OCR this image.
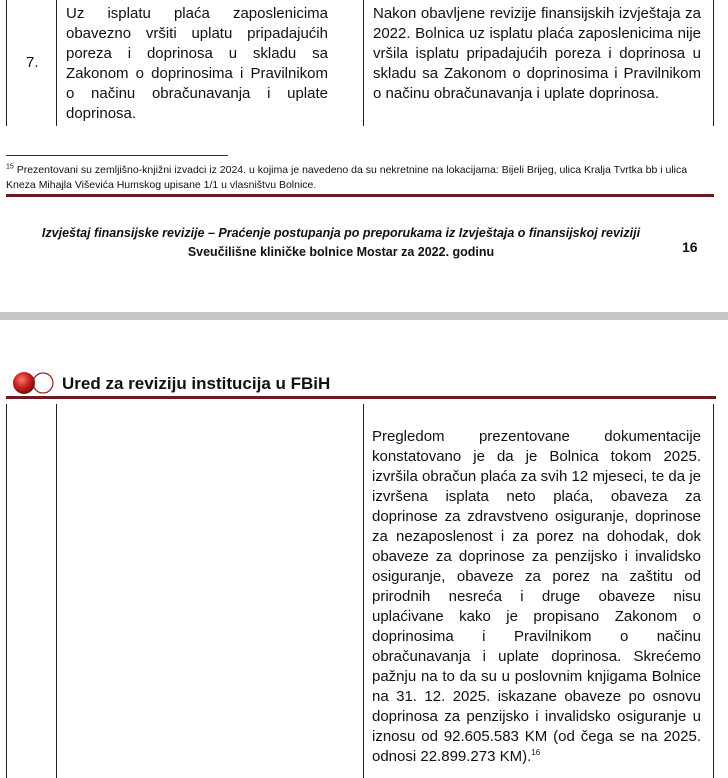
7.
Uz isplatu plaća zaposlenicima obavezno vršiti uplatu pripadajućih poreza i doprinosa u skladu sa Zakonom o doprinosima i Pravilnikom o načinu obračunavanja i uplate doprinosa.
Nakon obavljene revizije finansijskih izvještaja za 2022. Bolnica uz isplatu plaća zaposlenicima nije vršila isplatu pripadajućih poreza i doprinosa u skladu sa Zakonom o doprinosima i Pravilnikom o načinu obračunavanja i uplate doprinosa.
$^{15}$ Prezentovani su zemljišno-knjižni izvadci iz 2024. u kojima je navedeno da su nekretnine na lokacijama: Bijeli Brijeg, ulica Kralja Tvrtka bb i ulica Kneza Mihajla Viševića Humskog upisane 1/1 u vlasništvu Bolnice.
Izvještaj finansijske revizije – Praćenje postupanja po preporukama iz Izvještaja o finansijskoj reviziji
Sveučilišne kliničke bolnice Mostar za 2022. godinu	16
Ured za reviziju institucija u FBiH
Pregledom prezentovane dokumentacije konstatovano je da je Bolnica tokom 2025. izvršila obračun plaća za svih 12 mjeseci, te da je izvršena isplata neto plaća, obaveza za doprinose za zdravstveno osiguranje, doprinose za nezaposlenost i za porez na dohodak, dok obaveze za doprinose za penzijsko i invalidsko osiguranje, obaveze za porez na zaštitu od prirodnih nesreća i druge obaveze nisu uplaćivane kako je propisano Zakonom o doprinosima i Pravilnikom o načinu obračunavanja i uplate doprinosa. Skrećemo pažnju na to da su u poslovnim knjigama Bolnice na 31. 12. 2025. iskazane obaveze po osnovu doprinosa za penzijsko i invalidsko osiguranje u iznosu od 92.605.583 KM (od čega se na 2025. odnosi 22.899.273 KM).$^{16}$
